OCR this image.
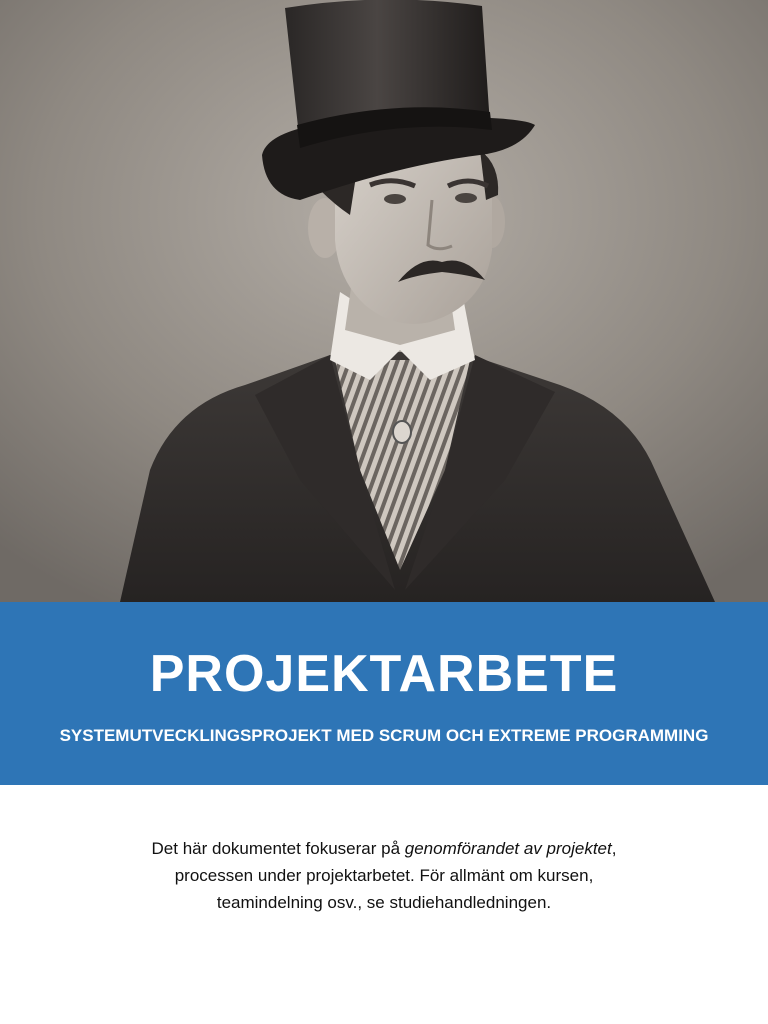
PROJEKTARBETE
SYSTEMUTVECKLINGSPROJEKT MED SCRUM OCH EXTREME PROGRAMMING

Det här dokumentet fokuserar på genomförandet av projektet, processen under projektarbetet. För allmänt om kursen, teamindelning osv., se studiehandledningen.
